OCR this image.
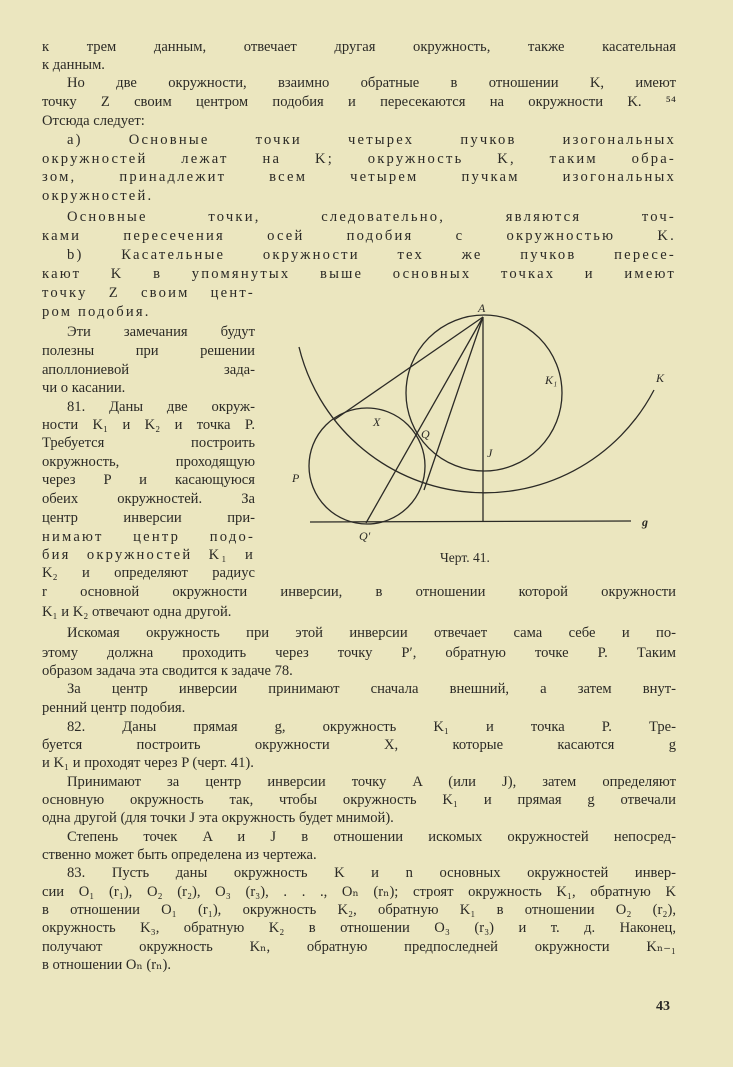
к трем данным, отвечает другая окружность, также касательная
к данным.
Но две окружности, взаимно обратные в отношении K, имеют
точку Z своим центром подобия и пересекаются на окружности K. ⁵⁴
Отсюда следует:
a) Основные точки четырех пучков изогональных
окружностей лежат на K; окружность K, таким обра-
зом, принадлежит всем четырем пучкам изогональных
окружностей.
Основные точки, следовательно, являются точ-
ками пересечения осей подобия с окружностью K.
b) Касательные окружности тех же пучков пересе-
кают K в упомянутых выше основных точках и имеют
точку Z своим цент-
ром подобия.
Эти замечания будут
полезны при решении
аполлониевой зада-
чи о касании.
81. Даны две окруж-
ности K₁ и K₂ и точка P.
Требуется построить
окружность, проходящую
через P и касающуюся
обеих окружностей. За
центр инверсии при-
нимают центр подо-
бия окружностей K₁ и
K₂ и определяют радиус
r основной окружности инверсии, в отношении которой окружности
K₁ и K₂ отвечают одна другой.
Искомая окружность при этой инверсии отвечает сама себе и по-
этому должна проходить через точку P′, обратную точке P. Таким
образом задача эта сводится к задаче 78.
За центр инверсии принимают сначала внешний, а затем внут-
ренний центр подобия.
82. Даны прямая g, окружность K₁ и точка P. Тре-
буется построить окружности X, которые касаются g
и K₁ и проходят через P (черт. 41).
Принимают за центр инверсии точку A (или J), затем определяют
основную окружность так, чтобы окружность K₁ и прямая g отвечали
одна другой (для точки J эта окружность будет мнимой).
Степень точек A и J в отношении искомых окружностей непосред-
ственно может быть определена из чертежа.
83. Пусть даны окружность K и n основных окружностей инвер-
сии O₁ (r₁), O₂ (r₂), O₃ (r₃), . . ., Oₙ (rₙ); строят окружность K₁, обратную K
в отношении O₁ (r₁), окружность K₂, обратную K₁ в отношении O₂ (r₂),
окружность K₃, обратную K₂ в отношении O₃ (r₃) и т. д. Наконец,
получают окружность Kₙ, обратную предпоследней окружности Kₙ₋₁
в отношении Oₙ (rₙ).
A
K₁	K
X
Q
J
P
Q′
g
Черт. 41.
43
